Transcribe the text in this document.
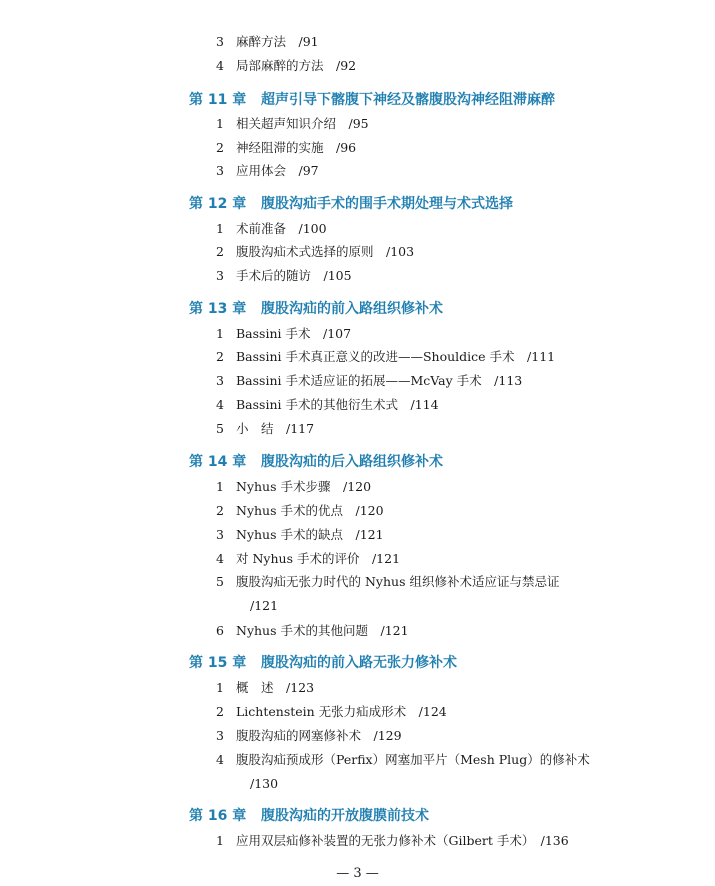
3 麻醉方法　/91
4 局部麻醉的方法　/92
第 11 章 超声引导下髂腹下神经及髂腹股沟神经阻滞麻醉
1 相关超声知识介绍　/95
2 神经阻滞的实施　/96
3 应用体会　/97
第 12 章 腹股沟疝手术的围手术期处理与术式选择
1 术前准备　/100
2 腹股沟疝术式选择的原则　/103
3 手术后的随访　/105
第 13 章 腹股沟疝的前入路组织修补术
1 Bassini 手术　/107
2 Bassini 手术真正意义的改进——Shouldice 手术　/111
3 Bassini 手术适应证的拓展——McVay 手术　/113
4 Bassini 手术的其他衍生术式　/114
5 小　结　/117
第 14 章 腹股沟疝的后入路组织修补术
1 Nyhus 手术步骤　/120
2 Nyhus 手术的优点　/120
3 Nyhus 手术的缺点　/121
4 对 Nyhus 手术的评价　/121
5 腹股沟疝无张力时代的 Nyhus 组织修补术适应证与禁忌证
/121
6 Nyhus 手术的其他问题　/121
第 15 章 腹股沟疝的前入路无张力修补术
1 概　述　/123
2 Lichtenstein 无张力疝成形术　/124
3 腹股沟疝的网塞修补术　/129
4 腹股沟疝预成形（Perfix）网塞加平片（Mesh Plug）的修补术
/130
第 16 章 腹股沟疝的开放腹膜前技术
1 应用双层疝修补装置的无张力修补术（Gilbert 手术）　/136
— 3 —
